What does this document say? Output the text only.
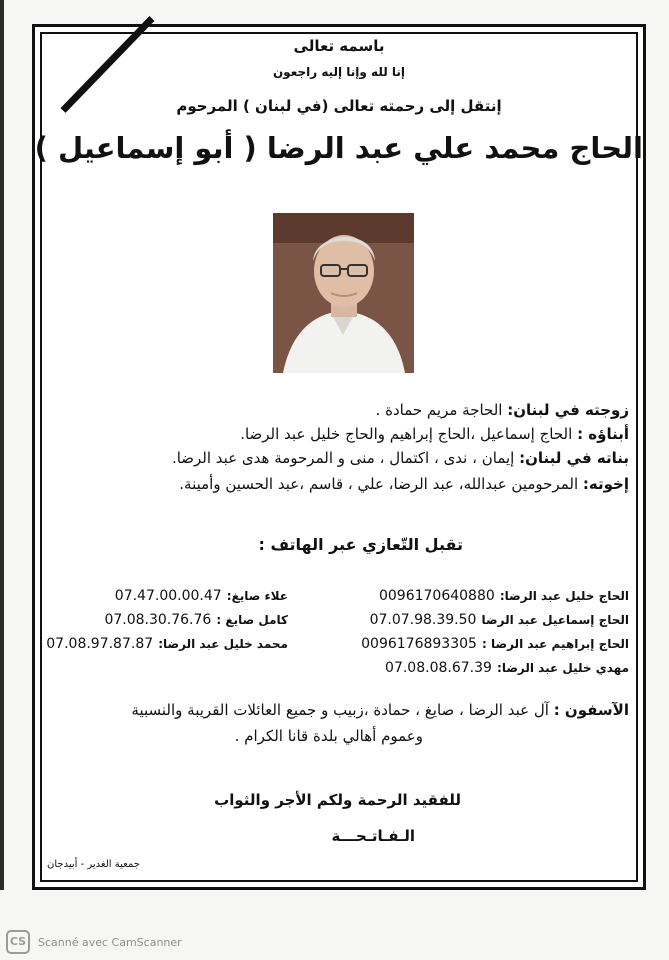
باسمه تعالى
إنا لله وإنا إليه راجعون
إنتقل إلى رحمته تعالى (في لبنان ) المرحوم
الحاج محمد علي عبد الرضا ( أبو إسماعيل )
زوجته في لبنان: الحاجة مريم حمادة .
أبناؤه : الحاج إسماعيل ،الحاج إبراهيم والحاج خليل عبد الرضا.
بناته في لبنان: إيمان ، ندى ، اكتمال ، منى و المرحومة هدى عبد الرضا.
إخوته: المرحومين عبدالله، عبد الرضا، علي ، قاسم ،عبد الحسين وأمينة.
تقبل التّعازي عبر الهاتف :
الحاج خليل عبد الرضا: 0096170640880
الحاج إسماعيل عبد الرضا 07.07.98.39.50
الحاج إبراهيم عبد الرضا : 0096176893305
مهدي خليل عبد الرضا: 07.08.08.67.39
علاء صايغ: 07.47.00.00.47
كامل صايغ : 07.08.30.76.76
محمد خليل عبد الرضا: 07.08.97.87.87
الآسفون : آل عبد الرضا ، صايغ ، حمادة ،زبيب و جميع العائلات القريبة والنسبية
وعموم أهالي بلدة قانا الكرام .
للفقيد الرحمة ولكم الأجر والثواب
الـفـاتـحـــة
جمعية الغدير - أبيدجان
CS	Scanné avec CamScanner
